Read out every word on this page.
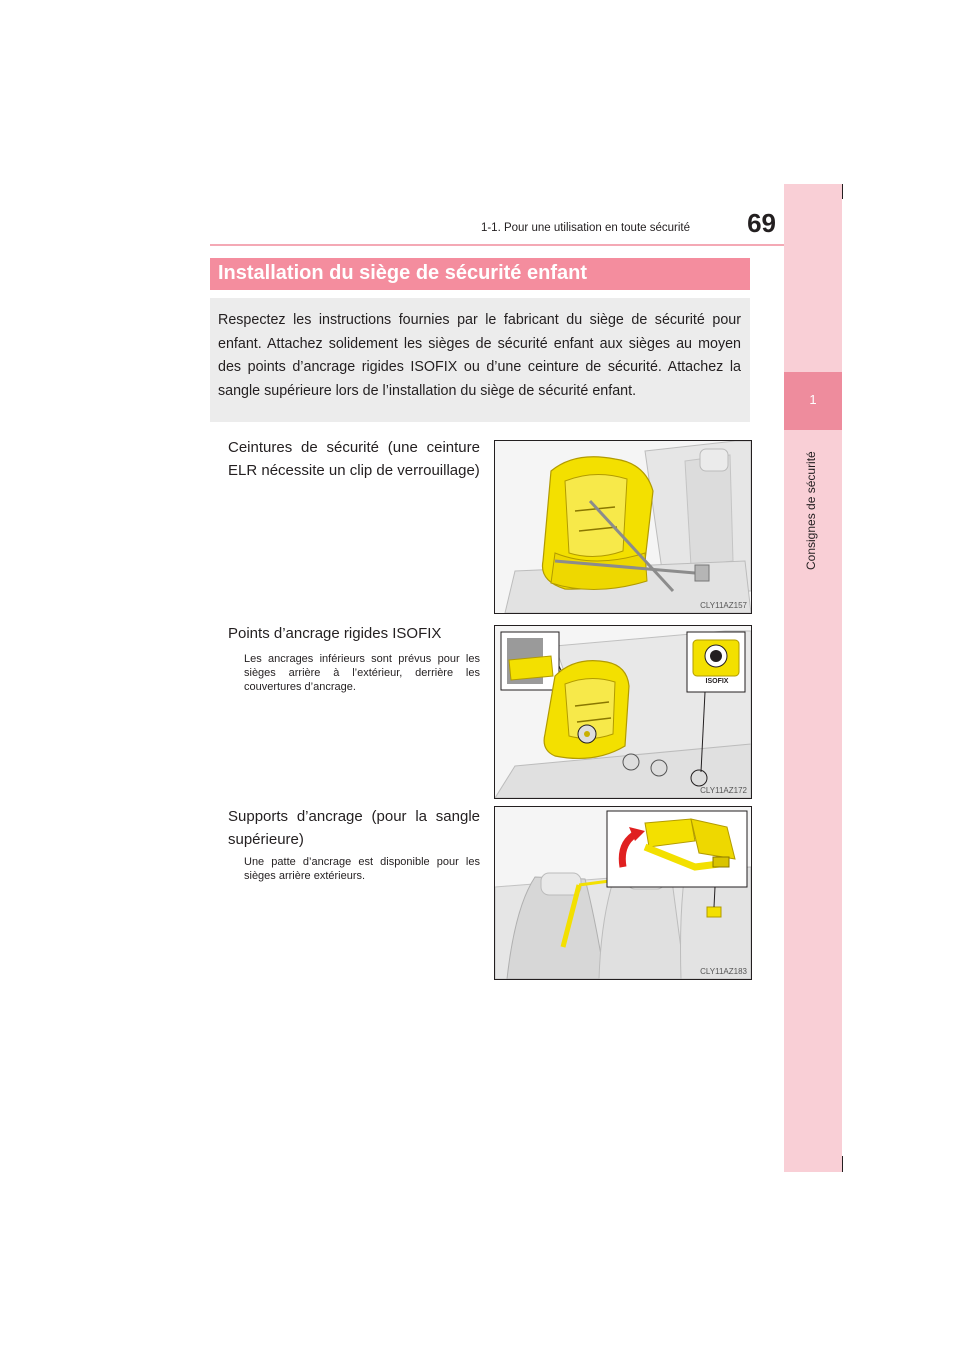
1-1. Pour une utilisation en toute sécurité	69
1
Consignes de sécurité
Installation du siège de sécurité enfant

Respectez les instructions fournies par le fabricant du siège de sécurité pour enfant. Attachez solidement les sièges de sécurité enfant aux sièges au moyen des points d’ancrage rigides ISOFIX ou d’une ceinture de sécurité. Attachez la sangle supérieure lors de l’installation du siège de sécurité enfant.

Ceintures de sécurité (une ceinture ELR nécessite un clip de verrouillage)
CLY11AZ157
Points d’ancrage rigides ISOFIX
Les ancrages inférieurs sont prévus pour les sièges arrière à l’extérieur, derrière les couvertures d’ancrage.	ISOFIX
CLY11AZ172
Supports d’ancrage (pour la sangle supérieure)
Une patte d’ancrage est disponible pour les sièges arrière extérieurs.
CLY11AZ183
